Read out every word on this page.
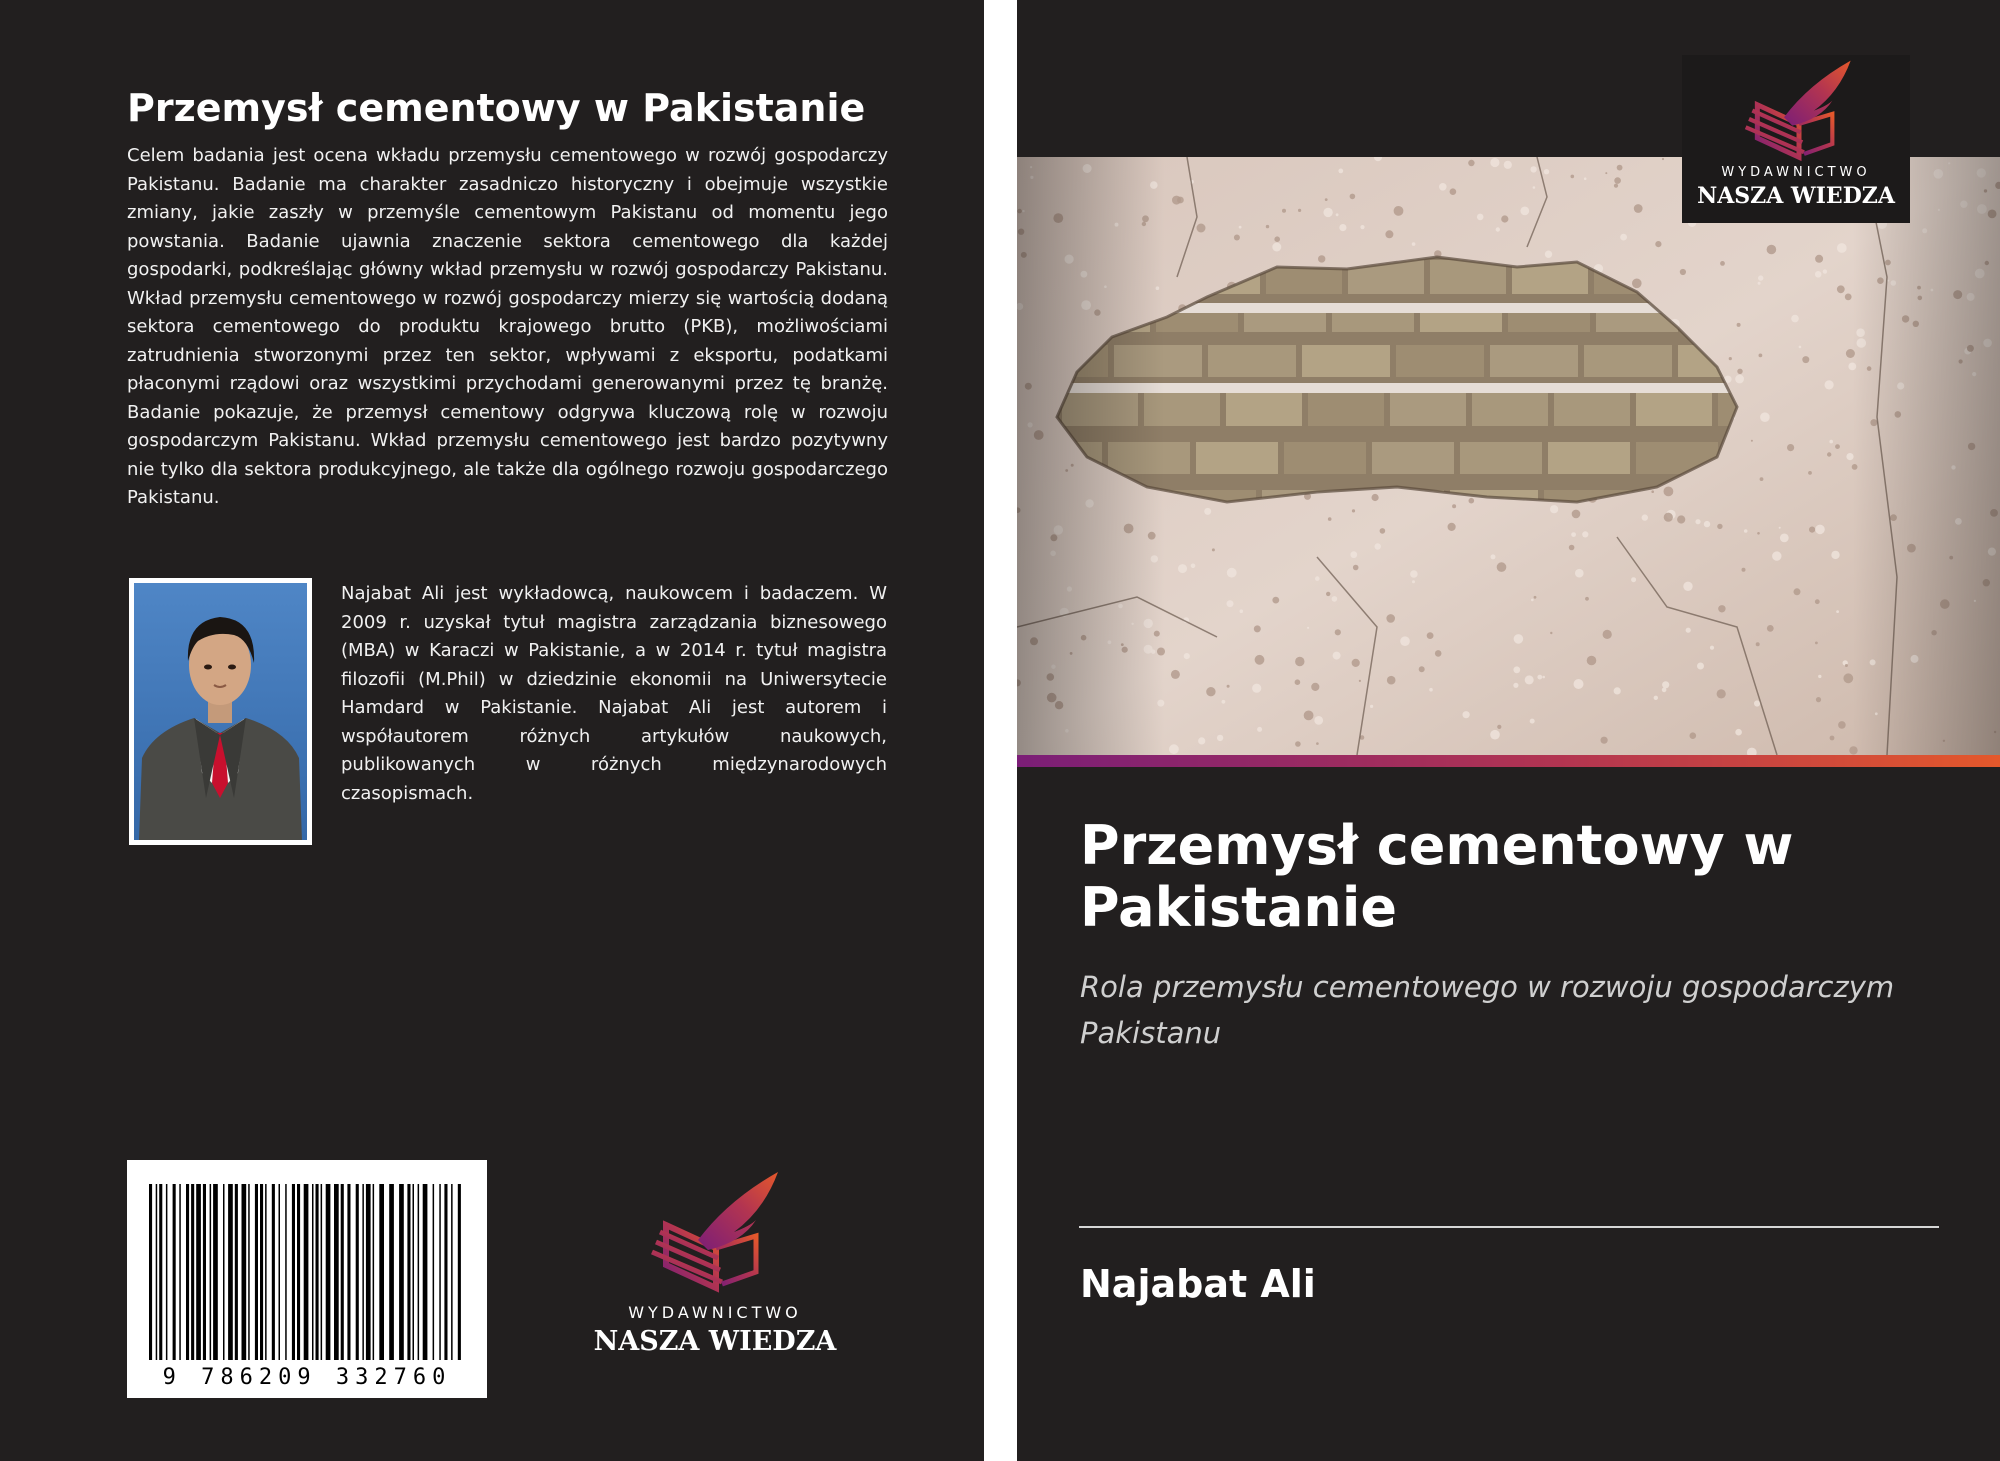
Przemysł cementowy w Pakistanie

Celem badania jest ocena wkładu przemysłu cementowego w rozwój gospodarczy Pakistanu. Badanie ma charakter zasadniczo historyczny i obejmuje wszystkie zmiany, jakie zaszły w przemyśle cementowym Pakistanu od momentu jego powstania. Badanie ujawnia znaczenie sektora cementowego dla każdej gospodarki, podkreślając główny wkład przemysłu w rozwój gospodarczy Pakistanu. Wkład przemysłu cementowego w rozwój gospodarczy mierzy się wartością dodaną sektora cementowego do produktu krajowego brutto (PKB), możliwościami zatrudnienia stworzonymi przez ten sektor, wpływami z eksportu, podatkami płaconymi rządowi oraz wszystkimi przychodami generowanymi przez tę branżę. Badanie pokazuje, że przemysł cementowy odgrywa kluczową rolę w rozwoju gospodarczym Pakistanu. Wkład przemysłu cementowego jest bardzo pozytywny nie tylko dla sektora produkcyjnego, ale także dla ogólnego rozwoju gospodarczego Pakistanu.

Najabat Ali jest wykładowcą, naukowcem i badaczem. W 2009 r. uzyskał tytuł magistra zarządzania biznesowego (MBA) w Karaczi w Pakistanie, a w 2014 r. tytuł magistra filozofii (M.Phil) w dziedzinie ekonomii na Uniwersytecie Hamdard w Pakistanie. Najabat Ali jest autorem i współautorem różnych artykułów naukowych, publikowanych w różnych międzynarodowych czasopismach.

9 786209 332760
WYDAWNICTWO
NASZA WIEDZA
WYDAWNICTWO
NASZA WIEDZA
Przemysł cementowy w Pakistanie

Rola przemysłu cementowego w rozwoju gospodarczym Pakistanu

Najabat Ali
